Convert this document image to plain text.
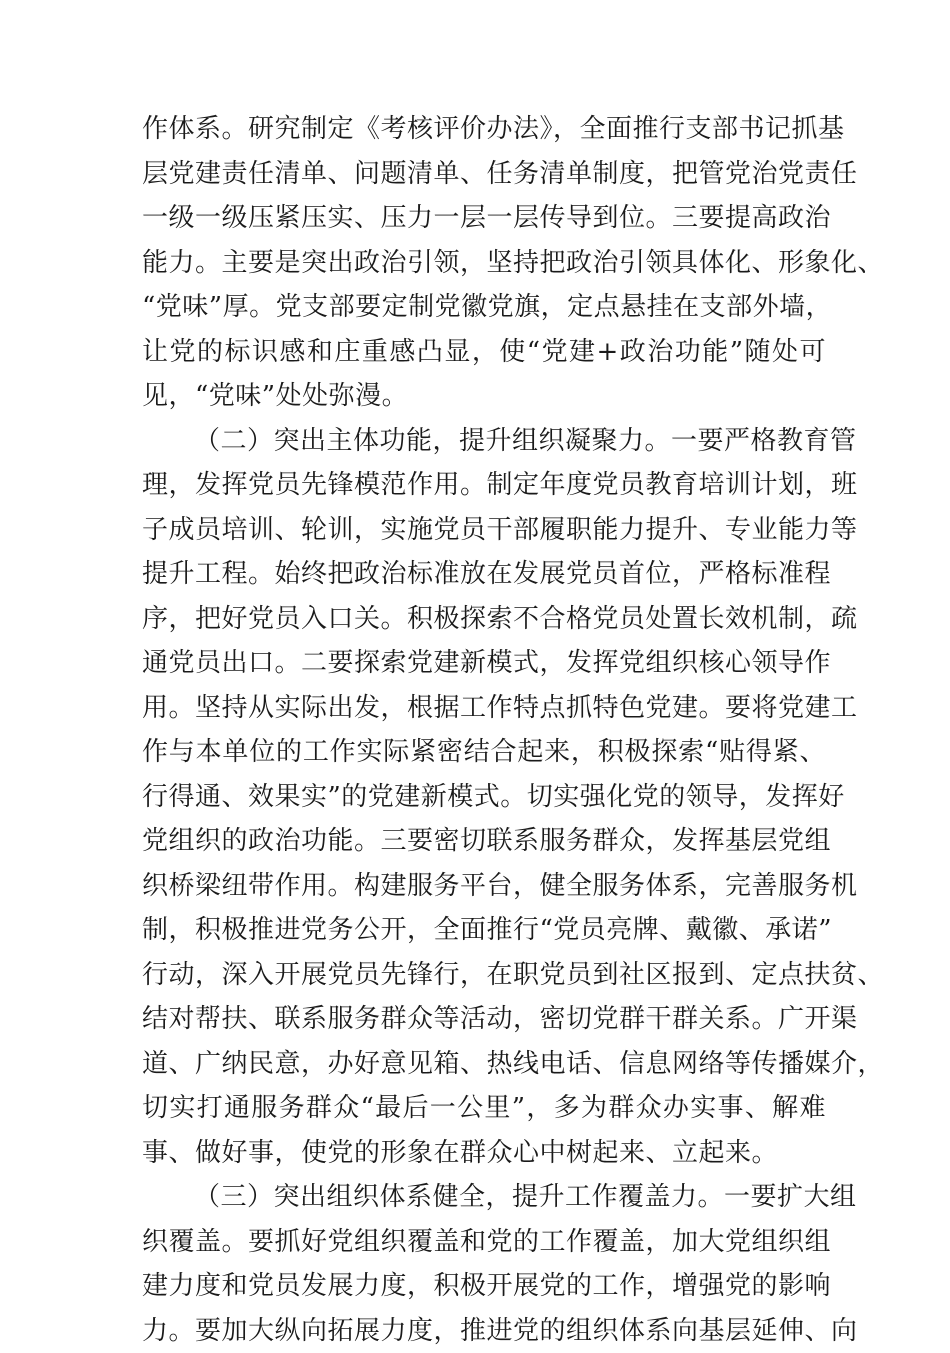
作体系。研究制定《考核评价办法》，全面推行支部书记抓基
层党建责任清单、问题清单、任务清单制度，把管党治党责任
一级一级压紧压实、压力一层一层传导到位。三要提高政治
能力。主要是突出政治引领，坚持把政治引领具体化、形象化、
“党味”厚。党支部要定制党徽党旗，定点悬挂在支部外墙，
让党的标识感和庄重感凸显，使“党建+政治功能”随处可
见，“党味”处处弥漫。
（二）突出主体功能，提升组织凝聚力。一要严格教育管
理，发挥党员先锋模范作用。制定年度党员教育培训计划，班
子成员培训、轮训，实施党员干部履职能力提升、专业能力等
提升工程。始终把政治标准放在发展党员首位，严格标准程
序，把好党员入口关。积极探索不合格党员处置长效机制，疏
通党员出口。二要探索党建新模式，发挥党组织核心领导作
用。坚持从实际出发，根据工作特点抓特色党建。要将党建工
作与本单位的工作实际紧密结合起来，积极探索“贴得紧、
行得通、效果实”的党建新模式。切实强化党的领导，发挥好
党组织的政治功能。三要密切联系服务群众，发挥基层党组
织桥梁纽带作用。构建服务平台，健全服务体系，完善服务机
制，积极推进党务公开，全面推行“党员亮牌、戴徽、承诺”
行动，深入开展党员先锋行，在职党员到社区报到、定点扶贫、
结对帮扶、联系服务群众等活动，密切党群干群关系。广开渠
道、广纳民意，办好意见箱、热线电话、信息网络等传播媒介，
切实打通服务群众“最后一公里”，多为群众办实事、解难
事、做好事，使党的形象在群众心中树起来、立起来。
（三）突出组织体系健全，提升工作覆盖力。一要扩大组
织覆盖。要抓好党组织覆盖和党的工作覆盖，加大党组织组
建力度和党员发展力度，积极开展党的工作，增强党的影响
力。要加大纵向拓展力度，推进党的组织体系向基层延伸、向
